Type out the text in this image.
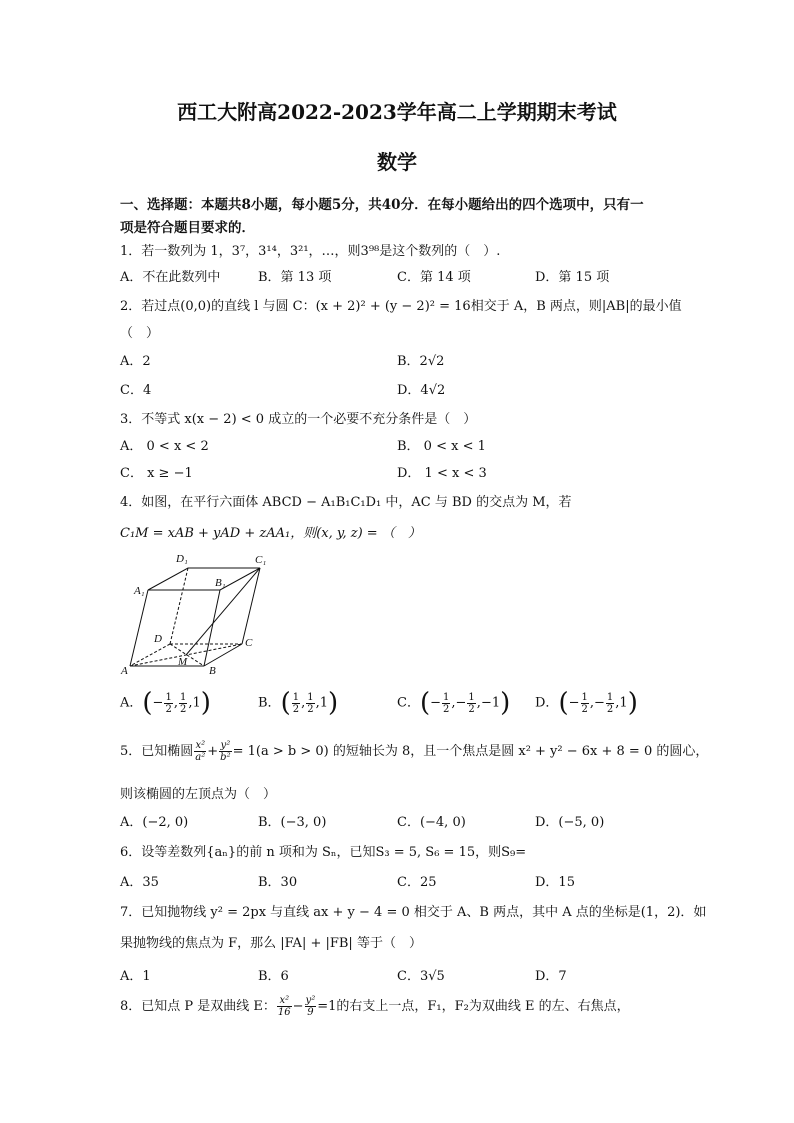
西工大附高2022-2023学年高二上学期期末考试
数学
一、选择题：本题共8小题，每小题5分，共40分．在每小题给出的四个选项中，只有一
项是符合题目要求的．
1．若一数列为 1，3⁷，3¹⁴，3²¹，…，则3⁹⁸是这个数列的（　）.
A．不在此数列中	B．第 13 项	C．第 14 项	D．第 15 项
2．若过点(0,0)的直线 l 与圆 C：(x + 2)² + (y − 2)² = 16相交于 A，B 两点，则|AB|的最小值
（　）
A．2	B．2√2
C．4	D．4√2
3．不等式 x(x − 2) < 0 成立的一个必要不充分条件是（　）
A． 0 < x < 2	B． 0 < x < 1
C． x ≥ −1	D． 1 < x < 3
4．如图，在平行六面体 ABCD − A₁B₁C₁D₁ 中，AC 与 BD 的交点为 M，若
C₁M = xAB + yAD + zAA₁，则(x, y, z) = （　）
D₁	C₁
A₁
B₁
D	C
A
M
B
A．(− $\frac{1}{2}$ , $\frac{1}{2} ,1$)	B．( $\frac{1}{2}$ , $\frac{1}{2} ,1$)	C．(− $\frac{1}{2}$ ,− $\frac{1}{2} ,-1$) D．(− $\frac{1}{2}$ ,− $\frac{1}{2} ,1$)
5．已知椭圆 $\frac{\text{x²}}{\text{a²}} + \frac{\text{y²}}{\text{b²}} = 1(a > b > 0)$ 的短轴长为 8，且一个焦点是圆 x² + y² − 6x + 8 = 0 的圆心，
则该椭圆的左顶点为（　）
A．(−2, 0)	B．(−3, 0)	C．(−4, 0)	D．(−5, 0)
6．设等差数列{aₙ}的前 n 项和为 Sₙ，已知S₃ = 5, S₆ = 15，则S₉=
A．35	B．30	C．25	D．15
7．已知抛物线 y² = 2px 与直线 ax + y − 4 = 0 相交于 A、B 两点，其中 A 点的坐标是(1，2)．如
果抛物线的焦点为 F，那么 |FA| + |FB| 等于（　）
A．1	B．6	C．3√5	D．7
8．已知点 P 是双曲线 E： $\frac{\text{x²}}{16} - \frac{\text{y²}}{9} =1$的右支上一点，F₁，F₂为双曲线 E 的左、右焦点，
